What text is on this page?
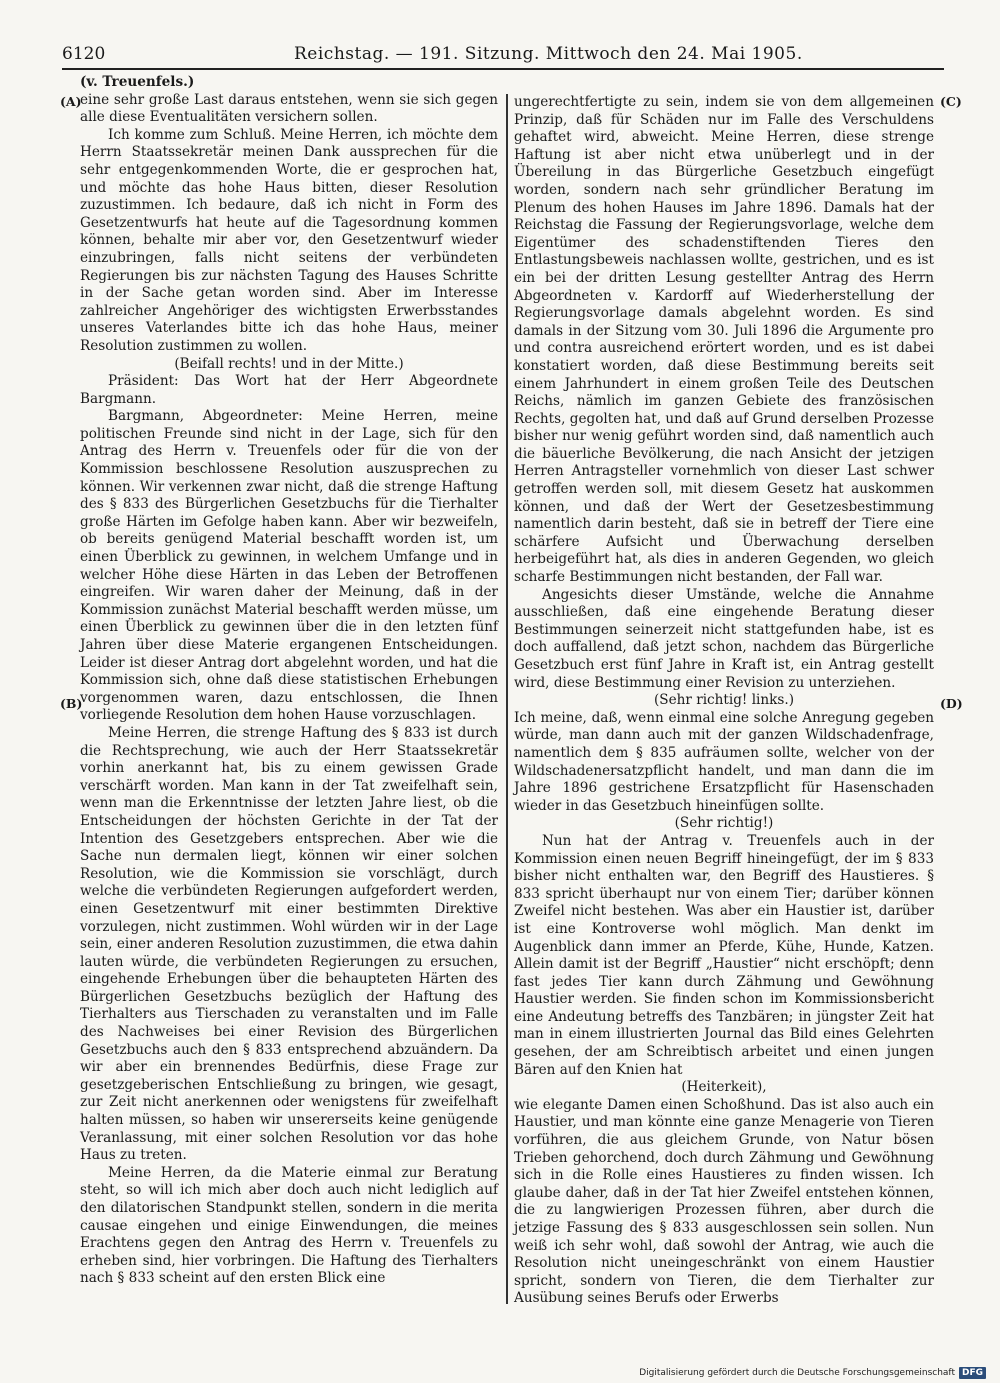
6120	Reichstag. — 191. Sitzung. Mittwoch den 24. Mai 1905.
(A)
(B)
(C)
(D)

(v. Treuenfels.)

eine sehr große Last daraus entstehen, wenn sie sich gegen alle diese Eventualitäten versichern sollen.

Ich komme zum Schluß. Meine Herren, ich möchte dem Herrn Staatssekretär meinen Dank aussprechen für die sehr entgegenkommenden Worte, die er gesprochen hat, und möchte das hohe Haus bitten, dieser Resolution zuzustimmen. Ich bedaure, daß ich nicht in Form des Gesetzentwurfs hat heute auf die Tagesordnung kommen können, behalte mir aber vor, den Gesetzentwurf wieder einzubringen, falls nicht seitens der verbündeten Regierungen bis zur nächsten Tagung des Hauses Schritte in der Sache getan worden sind. Aber im Interesse zahlreicher Angehöriger des wichtigsten Erwerbsstandes unseres Vaterlandes bitte ich das hohe Haus, meiner Resolution zustimmen zu wollen.

(Beifall rechts! und in der Mitte.)

Präsident: Das Wort hat der Herr Abgeordnete Bargmann.

Bargmann, Abgeordneter: Meine Herren, meine politischen Freunde sind nicht in der Lage, sich für den Antrag des Herrn v. Treuenfels oder für die von der Kommission beschlossene Resolution auszusprechen zu können. Wir verkennen zwar nicht, daß die strenge Haftung des § 833 des Bürgerlichen Gesetzbuchs für die Tierhalter große Härten im Gefolge haben kann. Aber wir bezweifeln, ob bereits genügend Material beschafft worden ist, um einen Überblick zu gewinnen, in welchem Umfange und in welcher Höhe diese Härten in das Leben der Betroffenen eingreifen. Wir waren daher der Meinung, daß in der Kommission zunächst Material beschafft werden müsse, um einen Überblick zu gewinnen über die in den letzten fünf Jahren über diese Materie ergangenen Entscheidungen. Leider ist dieser Antrag dort abgelehnt worden, und hat die Kommission sich, ohne daß diese statistischen Erhebungen vorgenommen waren, dazu entschlossen, die Ihnen vorliegende Resolution dem hohen Hause vorzuschlagen.

Meine Herren, die strenge Haftung des § 833 ist durch die Rechtsprechung, wie auch der Herr Staatssekretär vorhin anerkannt hat, bis zu einem gewissen Grade verschärft worden. Man kann in der Tat zweifelhaft sein, wenn man die Erkenntnisse der letzten Jahre liest, ob die Entscheidungen der höchsten Gerichte in der Tat der Intention des Gesetzgebers entsprechen. Aber wie die Sache nun dermalen liegt, können wir einer solchen Resolution, wie die Kommission sie vorschlägt, durch welche die verbündeten Regierungen aufgefordert werden, einen Gesetzentwurf mit einer bestimmten Direktive vorzulegen, nicht zustimmen. Wohl würden wir in der Lage sein, einer anderen Resolution zuzustimmen, die etwa dahin lauten würde, die verbündeten Regierungen zu ersuchen, eingehende Erhebungen über die behaupteten Härten des Bürgerlichen Gesetzbuchs bezüglich der Haftung des Tierhalters aus Tierschaden zu veranstalten und im Falle des Nachweises bei einer Revision des Bürgerlichen Gesetzbuchs auch den § 833 entsprechend abzuändern. Da wir aber ein brennendes Bedürfnis, diese Frage zur gesetzgeberischen Entschließung zu bringen, wie gesagt, zur Zeit nicht anerkennen oder wenigstens für zweifelhaft halten müssen, so haben wir unsererseits keine genügende Veranlassung, mit einer solchen Resolution vor das hohe Haus zu treten.

Meine Herren, da die Materie einmal zur Beratung steht, so will ich mich aber doch auch nicht lediglich auf den dilatorischen Standpunkt stellen, sondern in die merita causae eingehen und einige Einwendungen, die meines Erachtens gegen den Antrag des Herrn v. Treuenfels zu erheben sind, hier vorbringen. Die Haftung des Tierhalters nach § 833 scheint auf den ersten Blick eine

ungerechtfertigte zu sein, indem sie von dem allgemeinen Prinzip, daß für Schäden nur im Falle des Verschuldens gehaftet wird, abweicht. Meine Herren, diese strenge Haftung ist aber nicht etwa unüberlegt und in der Übereilung in das Bürgerliche Gesetzbuch eingefügt worden, sondern nach sehr gründlicher Beratung im Plenum des hohen Hauses im Jahre 1896. Damals hat der Reichstag die Fassung der Regierungsvorlage, welche dem Eigentümer des schadenstiftenden Tieres den Entlastungsbeweis nachlassen wollte, gestrichen, und es ist ein bei der dritten Lesung gestellter Antrag des Herrn Abgeordneten v. Kardorff auf Wiederherstellung der Regierungsvorlage damals abgelehnt worden. Es sind damals in der Sitzung vom 30. Juli 1896 die Argumente pro und contra ausreichend erörtert worden, und es ist dabei konstatiert worden, daß diese Bestimmung bereits seit einem Jahrhundert in einem großen Teile des Deutschen Reichs, nämlich im ganzen Gebiete des französischen Rechts, gegolten hat, und daß auf Grund derselben Prozesse bisher nur wenig geführt worden sind, daß namentlich auch die bäuerliche Bevölkerung, die nach Ansicht der jetzigen Herren Antragsteller vornehmlich von dieser Last schwer getroffen werden soll, mit diesem Gesetz hat auskommen können, und daß der Wert der Gesetzesbestimmung namentlich darin besteht, daß sie in betreff der Tiere eine schärfere Aufsicht und Überwachung derselben herbeigeführt hat, als dies in anderen Gegenden, wo gleich scharfe Bestimmungen nicht bestanden, der Fall war.

Angesichts dieser Umstände, welche die Annahme ausschließen, daß eine eingehende Beratung dieser Bestimmungen seinerzeit nicht stattgefunden habe, ist es doch auffallend, daß jetzt schon, nachdem das Bürgerliche Gesetzbuch erst fünf Jahre in Kraft ist, ein Antrag gestellt wird, diese Bestimmung einer Revision zu unterziehen.

(Sehr richtig! links.)

Ich meine, daß, wenn einmal eine solche Anregung gegeben würde, man dann auch mit der ganzen Wildschadenfrage, namentlich dem § 835 aufräumen sollte, welcher von der Wildschadenersatzpflicht handelt, und man dann die im Jahre 1896 gestrichene Ersatzpflicht für Hasenschaden wieder in das Gesetzbuch hineinfügen sollte.

(Sehr richtig!)

Nun hat der Antrag v. Treuenfels auch in der Kommission einen neuen Begriff hineingefügt, der im § 833 bisher nicht enthalten war, den Begriff des Haustieres. § 833 spricht überhaupt nur von einem Tier; darüber können Zweifel nicht bestehen. Was aber ein Haustier ist, darüber ist eine Kontroverse wohl möglich. Man denkt im Augenblick dann immer an Pferde, Kühe, Hunde, Katzen. Allein damit ist der Begriff „Haustier“ nicht erschöpft; denn fast jedes Tier kann durch Zähmung und Gewöhnung Haustier werden. Sie finden schon im Kommissionsbericht eine Andeutung betreffs des Tanzbären; in jüngster Zeit hat man in einem illustrierten Journal das Bild eines Gelehrten gesehen, der am Schreibtisch arbeitet und einen jungen Bären auf den Knien hat

(Heiterkeit),

wie elegante Damen einen Schoßhund. Das ist also auch ein Haustier, und man könnte eine ganze Menagerie von Tieren vorführen, die aus gleichem Grunde, von Natur bösen Trieben gehorchend, doch durch Zähmung und Gewöhnung sich in die Rolle eines Haustieres zu finden wissen. Ich glaube daher, daß in der Tat hier Zweifel entstehen können, die zu langwierigen Prozessen führen, aber durch die jetzige Fassung des § 833 ausgeschlossen sein sollen. Nun weiß ich sehr wohl, daß sowohl der Antrag, wie auch die Resolution nicht uneingeschränkt von einem Haustier spricht, sondern von Tieren, die dem Tierhalter zur Ausübung seines Berufs oder Erwerbs

Digitalisierung gefördert durch die Deutsche Forschungsgemeinschaft DFG
